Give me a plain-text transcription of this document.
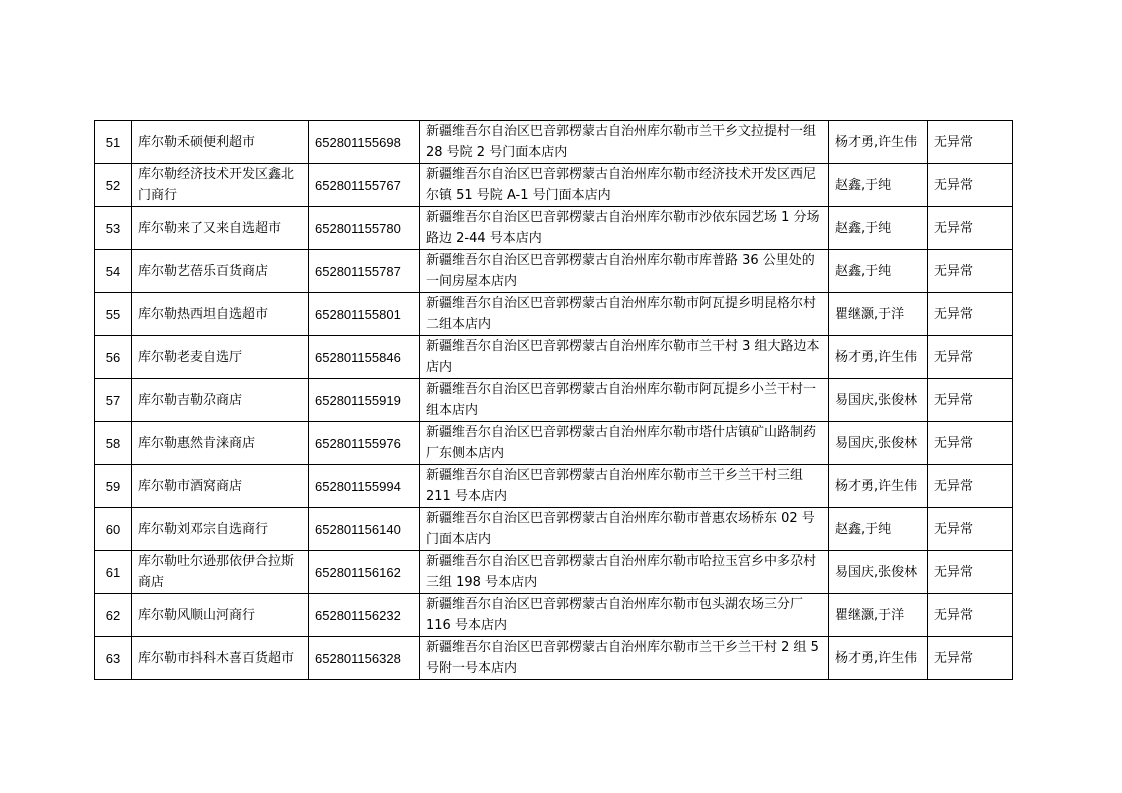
51	库尔勒禾硕便利超市	652801155698	新疆维吾尔自治区巴音郭楞蒙古自治州库尔勒市兰干乡文拉提村一组 28 号院 2 号门面本店内	杨才勇,许生伟	无异常
52	库尔勒经济技术开发区鑫北门商行	652801155767	新疆维吾尔自治区巴音郭楞蒙古自治州库尔勒市经济技术开发区西尼尔镇 51 号院 A-1 号门面本店内	赵鑫,于纯	无异常
53	库尔勒来了又来自选超市	652801155780	新疆维吾尔自治区巴音郭楞蒙古自治州库尔勒市沙依东园艺场 1 分场路边 2-44 号本店内	赵鑫,于纯	无异常
54	库尔勒艺蓓乐百货商店	652801155787	新疆维吾尔自治区巴音郭楞蒙古自治州库尔勒市库普路 36 公里处的一间房屋本店内	赵鑫,于纯	无异常
55	库尔勒热西坦自选超市	652801155801	新疆维吾尔自治区巴音郭楞蒙古自治州库尔勒市阿瓦提乡明昆格尔村二组本店内	瞿继灏,于洋	无异常
56	库尔勒老麦自选厅	652801155846	新疆维吾尔自治区巴音郭楞蒙古自治州库尔勒市兰干村 3 组大路边本店内	杨才勇,许生伟	无异常
57	库尔勒吉勒尕商店	652801155919	新疆维吾尔自治区巴音郭楞蒙古自治州库尔勒市阿瓦提乡小兰干村一组本店内	易国庆,张俊林	无异常
58	库尔勒惠然肯涞商店	652801155976	新疆维吾尔自治区巴音郭楞蒙古自治州库尔勒市塔什店镇矿山路制药厂东侧本店内	易国庆,张俊林	无异常
59	库尔勒市酒窝商店	652801155994	新疆维吾尔自治区巴音郭楞蒙古自治州库尔勒市兰干乡兰干村三组 211 号本店内	杨才勇,许生伟	无异常
60	库尔勒刘邓宗自选商行	652801156140	新疆维吾尔自治区巴音郭楞蒙古自治州库尔勒市普惠农场桥东 02 号门面本店内	赵鑫,于纯	无异常
61	库尔勒吐尔逊那依伊合拉斯商店	652801156162	新疆维吾尔自治区巴音郭楞蒙古自治州库尔勒市哈拉玉宫乡中多尕村三组 198 号本店内	易国庆,张俊林	无异常
62	库尔勒风顺山河商行	652801156232	新疆维吾尔自治区巴音郭楞蒙古自治州库尔勒市包头湖农场三分厂 116 号本店内	瞿继灏,于洋	无异常
63	库尔勒市抖科木喜百货超市	652801156328	新疆维吾尔自治区巴音郭楞蒙古自治州库尔勒市兰干乡兰干村 2 组 5 号附一号本店内	杨才勇,许生伟	无异常
